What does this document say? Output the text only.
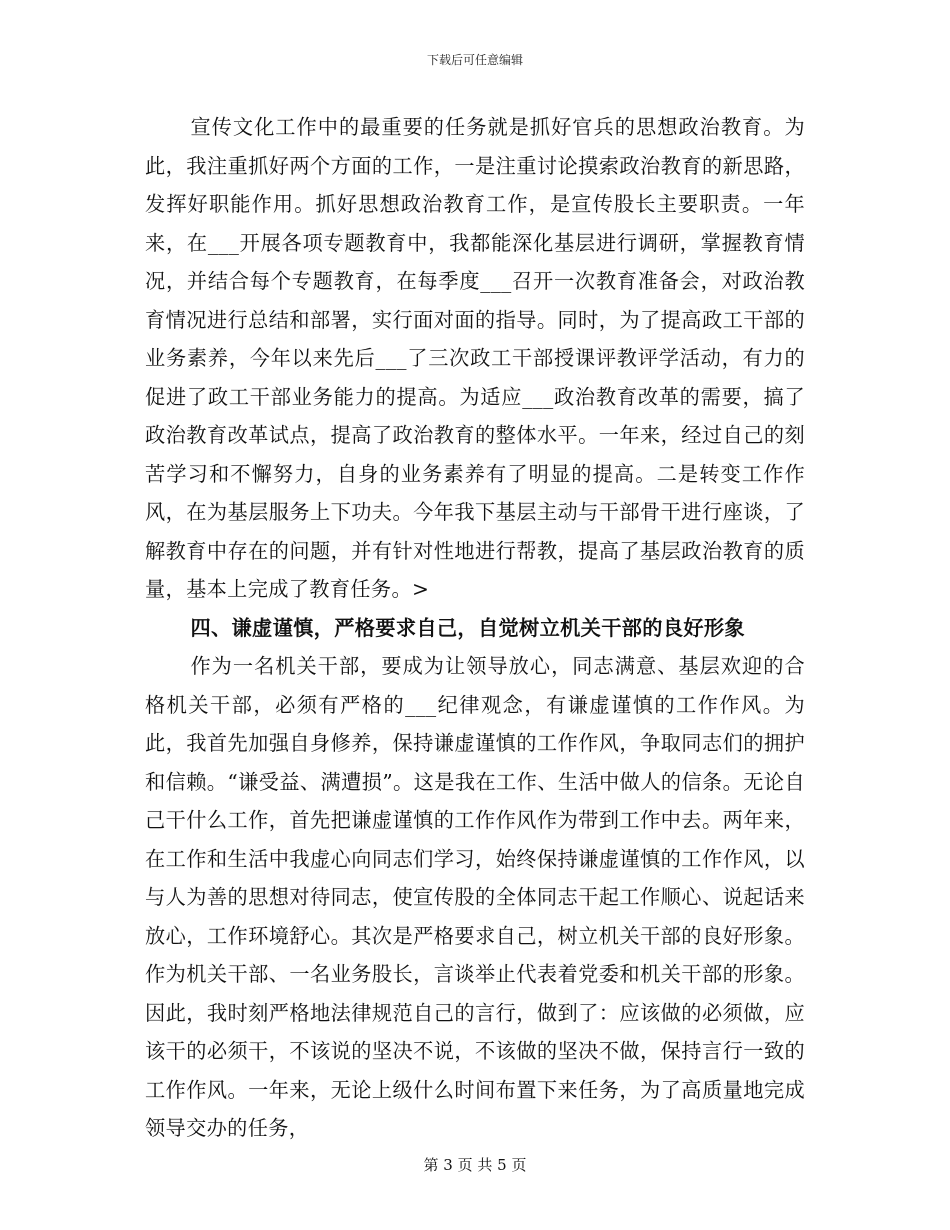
下载后可任意编辑

宣传文化工作中的最重要的任务就是抓好官兵的思想政治教育。为此，我注重抓好两个方面的工作，一是注重讨论摸索政治教育的新思路，发挥好职能作用。抓好思想政治教育工作，是宣传股长主要职责。一年来，在___开展各项专题教育中，我都能深化基层进行调研，掌握教育情况，并结合每个专题教育，在每季度___召开一次教育准备会，对政治教育情况进行总结和部署，实行面对面的指导。同时，为了提高政工干部的业务素养，今年以来先后___了三次政工干部授课评教评学活动，有力的促进了政工干部业务能力的提高。为适应___政治教育改革的需要，搞了政治教育改革试点，提高了政治教育的整体水平。一年来，经过自己的刻苦学习和不懈努力，自身的业务素养有了明显的提高。二是转变工作作风，在为基层服务上下功夫。今年我下基层主动与干部骨干进行座谈，了解教育中存在的问题，并有针对性地进行帮教，提高了基层政治教育的质量，基本上完成了教育任务。>

四、谦虚谨慎，严格要求自己，自觉树立机关干部的良好形象

作为一名机关干部，要成为让领导放心，同志满意、基层欢迎的合格机关干部，必须有严格的___纪律观念，有谦虚谨慎的工作作风。为此，我首先加强自身修养，保持谦虚谨慎的工作作风，争取同志们的拥护和信赖。“谦受益、满遭损”。这是我在工作、生活中做人的信条。无论自己干什么工作，首先把谦虚谨慎的工作作风作为带到工作中去。两年来，在工作和生活中我虚心向同志们学习，始终保持谦虚谨慎的工作作风，以与人为善的思想对待同志，使宣传股的全体同志干起工作顺心、说起话来放心，工作环境舒心。其次是严格要求自己，树立机关干部的良好形象。作为机关干部、一名业务股长，言谈举止代表着党委和机关干部的形象。因此，我时刻严格地法律规范自己的言行，做到了：应该做的必须做，应该干的必须干，不该说的坚决不说，不该做的坚决不做，保持言行一致的工作作风。一年来，无论上级什么时间布置下来任务，为了高质量地完成领导交办的任务，

第 3 页 共 5 页
